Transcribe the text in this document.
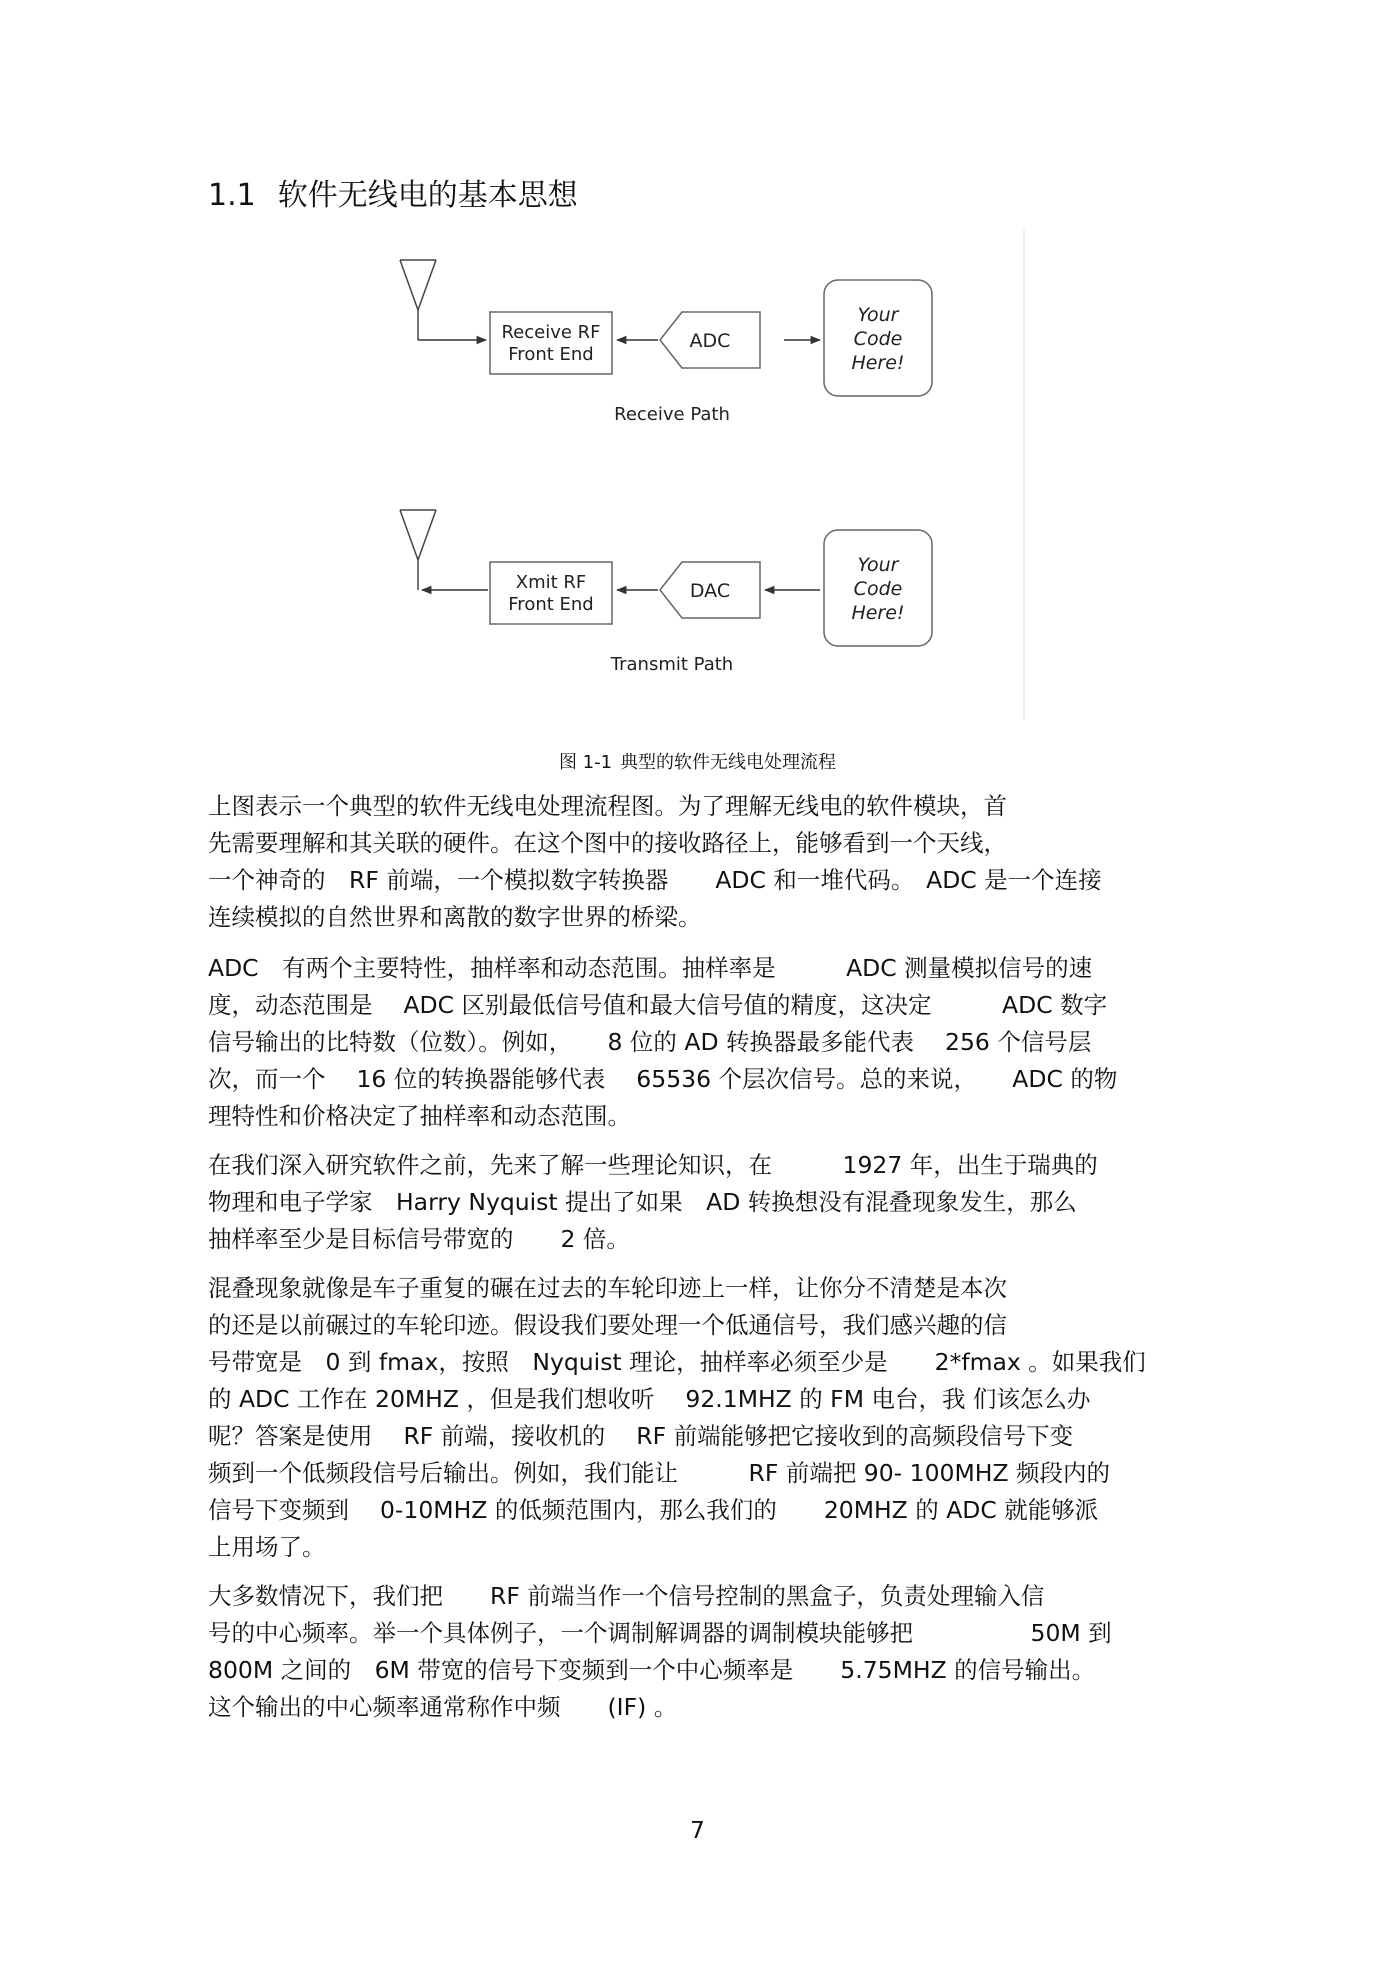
1.1 软件无线电的基本思想
Receive RF
Front End
ADC
Your
Code
Here!
Receive Path
Xmit RF
Front End
DAC
Your
Code
Here!
Transmit Path
图 1-1 典型的软件无线电处理流程
上图表示一个典型的软件无线电处理流程图。为了理解无线电的软件模块，首
先需要理解和其关联的硬件。在这个图中的接收路径上，能够看到一个天线，
一个神奇的　RF 前端，一个模拟数字转换器　　ADC 和一堆代码。　ADC 是一个连接
连续模拟的自然世界和离散的数字世界的桥梁。
ADC　有两个主要特性，抽样率和动态范围。抽样率是　　　ADC 测量模拟信号的速
度，动态范围是　 ADC 区别最低信号值和最大信号值的精度，这决定　　　ADC 数字
信号输出的比特数（位数）。例如，　　8 位的 AD 转换器最多能代表　 256 个信号层
次，而一个　 16 位的转换器能够代表　 65536 个层次信号。总的来说，　　ADC 的物
理特性和价格决定了抽样率和动态范围。
在我们深入研究软件之前，先来了解一些理论知识，在　　　1927 年，出生于瑞典的
物理和电子学家　Harry Nyquist 提出了如果　AD 转换想没有混叠现象发生，那么
抽样率至少是目标信号带宽的　　2 倍。
混叠现象就像是车子重复的碾在过去的车轮印迹上一样，让你分不清楚是本次
的还是以前碾过的车轮印迹。假设我们要处理一个低通信号，我们感兴趣的信
号带宽是　0 到 fmax，按照　Nyquist 理论，抽样率必须至少是　　2*fmax 。如果我们
的 ADC 工作在 20MHZ ，但是我们想收听　 92.1MHZ 的 FM 电台，我 们该怎么办
呢？答案是使用　 RF 前端，接收机的　 RF 前端能够把它接收到的高频段信号下变
频到一个低频段信号后输出。例如，我们能让　　　RF 前端把 90- 100MHZ 频段内的
信号下变频到　 0-10MHZ 的低频范围内，那么我们的　　20MHZ 的 ADC 就能够派
上用场了。
大多数情况下，我们把　　RF 前端当作一个信号控制的黑盒子，负责处理输入信
号的中心频率。举一个具体例子，一个调制解调器的调制模块能够把　　　　　50M 到
800M 之间的　6M 带宽的信号下变频到一个中心频率是　　5.75MHZ 的信号输出。
这个输出的中心频率通常称作中频　　(IF) 。
7
